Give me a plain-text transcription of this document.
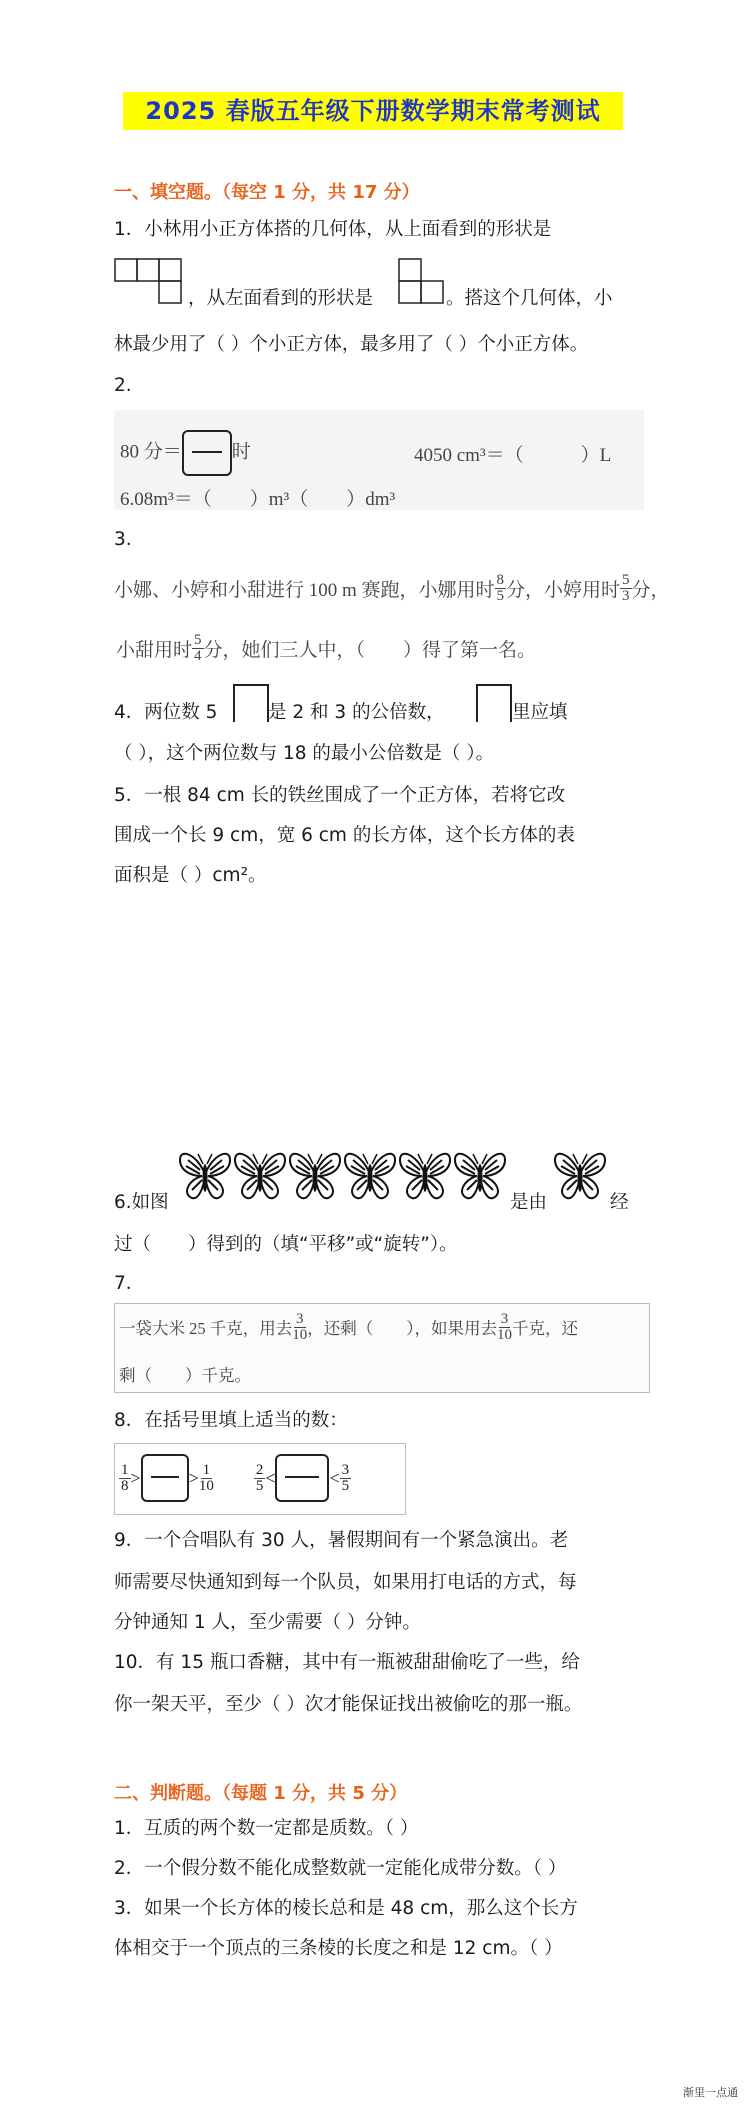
2025 春版五年级下册数学期末常考测试
一、填空题。（每空 1 分，共 17 分）
1．小林用小正方体搭的几何体，从上面看到的形状是
，从左面看到的形状是	。搭这个几何体，小
林最少用了（ ）个小正方体，最多用了（ ）个小正方体。
2.
80 分＝	时	4050 cm³＝（　　　）L
6.08m³＝（　　）m³（　　）dm³
3.
小娜、小婷和小甜进行 100 m 赛跑，小娜用时 $\frac{8}{5}$ 分，小婷用时 $\frac{5}{3}$ 分，
小甜用时 $\frac{5}{4}$ 分，她们三人中，（　　）得了第一名。
4．两位数 5	是 2 和 3 的公倍数，	里应填
（ ），这个两位数与 18 的最小公倍数是（ ）。
5．一根 84 cm 长的铁丝围成了一个正方体，若将它改
围成一个长 9 cm，宽 6 cm 的长方体，这个长方体的表
面积是（ ）cm²。
6.如图	是由	经
过（　　）得到的（填“平移”或“旋转”）。
7．
一袋大米 25 千克，用去 $\frac{3}{10}$ ，还剩（　　），如果用去 $\frac{3}{10}$ 千克，还
剩（　　）千克。
8．在括号里填上适当的数：
$\frac{1}{8}$ >	> $\frac{1}{10}$	$\frac{2}{5}$ <	< $\frac{3}{5}$
9．一个合唱队有 30 人，暑假期间有一个紧急演出。老
师需要尽快通知到每一个队员，如果用打电话的方式，每
分钟通知 1 人，至少需要（ ）分钟。
10．有 15 瓶口香糖，其中有一瓶被甜甜偷吃了一些，给
你一架天平，至少（ ）次才能保证找出被偷吃的那一瓶。
二、判断题。（每题 1 分，共 5 分）
1．互质的两个数一定都是质数。（ ）
2．一个假分数不能化成整数就一定能化成带分数。（ ）
3．如果一个长方体的棱长总和是 48 cm，那么这个长方
体相交于一个顶点的三条棱的长度之和是 12 cm。（ ）
渐里一点通
